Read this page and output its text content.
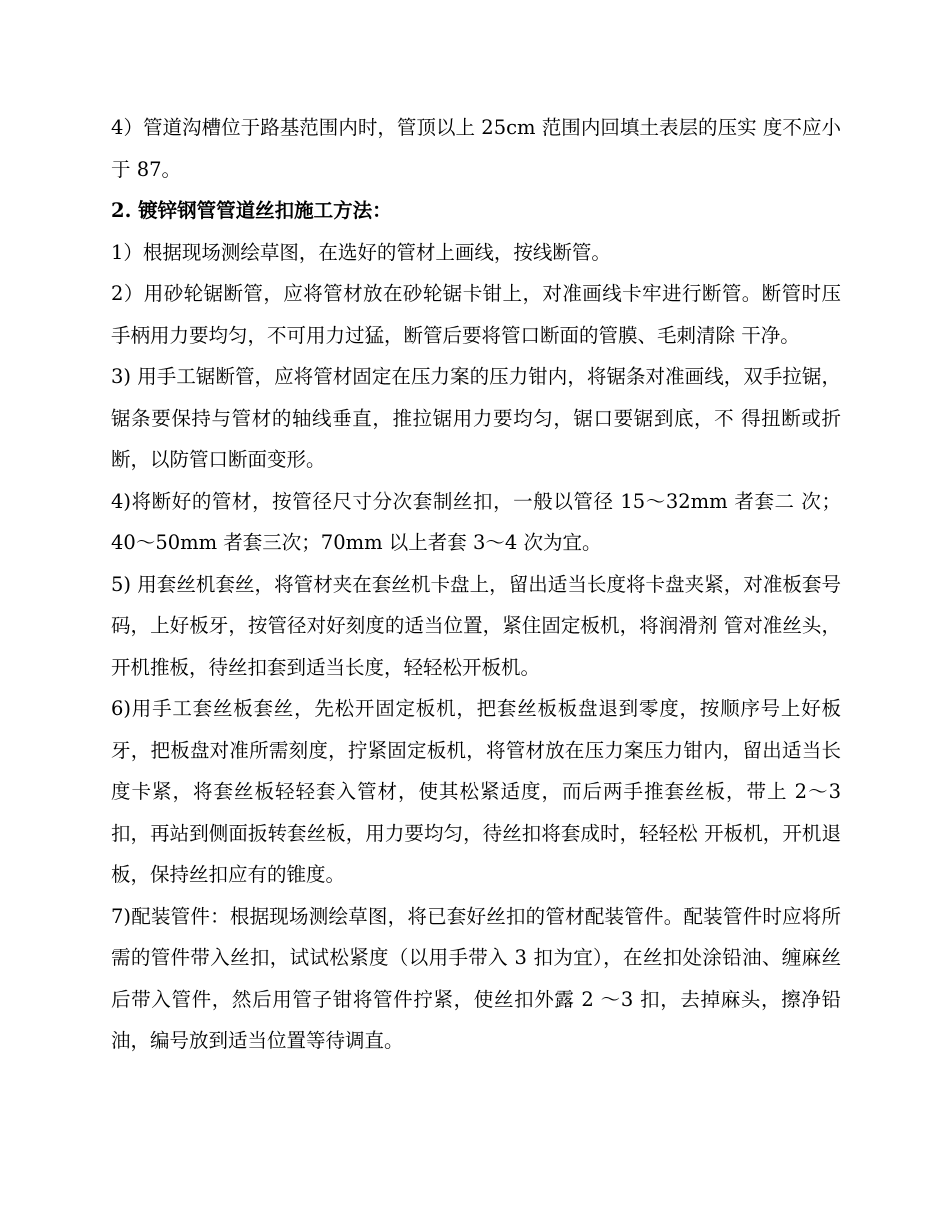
4）管道沟槽位于路基范围内时，管顶以上 25cm 范围内回填土表层的压实 度不应小于 87。

2. 镀锌钢管管道丝扣施工方法：

1）根据现场测绘草图，在选好的管材上画线，按线断管。

2）用砂轮锯断管，应将管材放在砂轮锯卡钳上，对准画线卡牢进行断管。断管时压手柄用力要均匀，不可用力过猛，断管后要将管口断面的管膜、毛刺清除 干净。

3) 用手工锯断管，应将管材固定在压力案的压力钳内，将锯条对准画线，双手拉锯，锯条要保持与管材的轴线垂直，推拉锯用力要均匀，锯口要锯到底，不 得扭断或折断，以防管口断面变形。

4)将断好的管材，按管径尺寸分次套制丝扣，一般以管径 15～32mm 者套二 次；40～50mm 者套三次；70mm 以上者套 3～4 次为宜。

5) 用套丝机套丝，将管材夹在套丝机卡盘上，留出适当长度将卡盘夹紧，对准板套号码，上好板牙，按管径对好刻度的适当位置，紧住固定板机，将润滑剂 管对准丝头，开机推板，待丝扣套到适当长度，轻轻松开板机。

6)用手工套丝板套丝，先松开固定板机，把套丝板板盘退到零度，按顺序号上好板牙，把板盘对准所需刻度，拧紧固定板机，将管材放在压力案压力钳内，留出适当长度卡紧，将套丝板轻轻套入管材，使其松紧适度，而后两手推套丝板，带上 2～3 扣，再站到侧面扳转套丝板，用力要均匀，待丝扣将套成时，轻轻松 开板机，开机退板，保持丝扣应有的锥度。

7)配装管件：根据现场测绘草图，将已套好丝扣的管材配装管件。配装管件时应将所需的管件带入丝扣，试试松紧度（以用手带入 3 扣为宜），在丝扣处涂铅油、缠麻丝后带入管件，然后用管子钳将管件拧紧，使丝扣外露 2 ～3 扣，去掉麻头，擦净铅油，编号放到适当位置等待调直。
